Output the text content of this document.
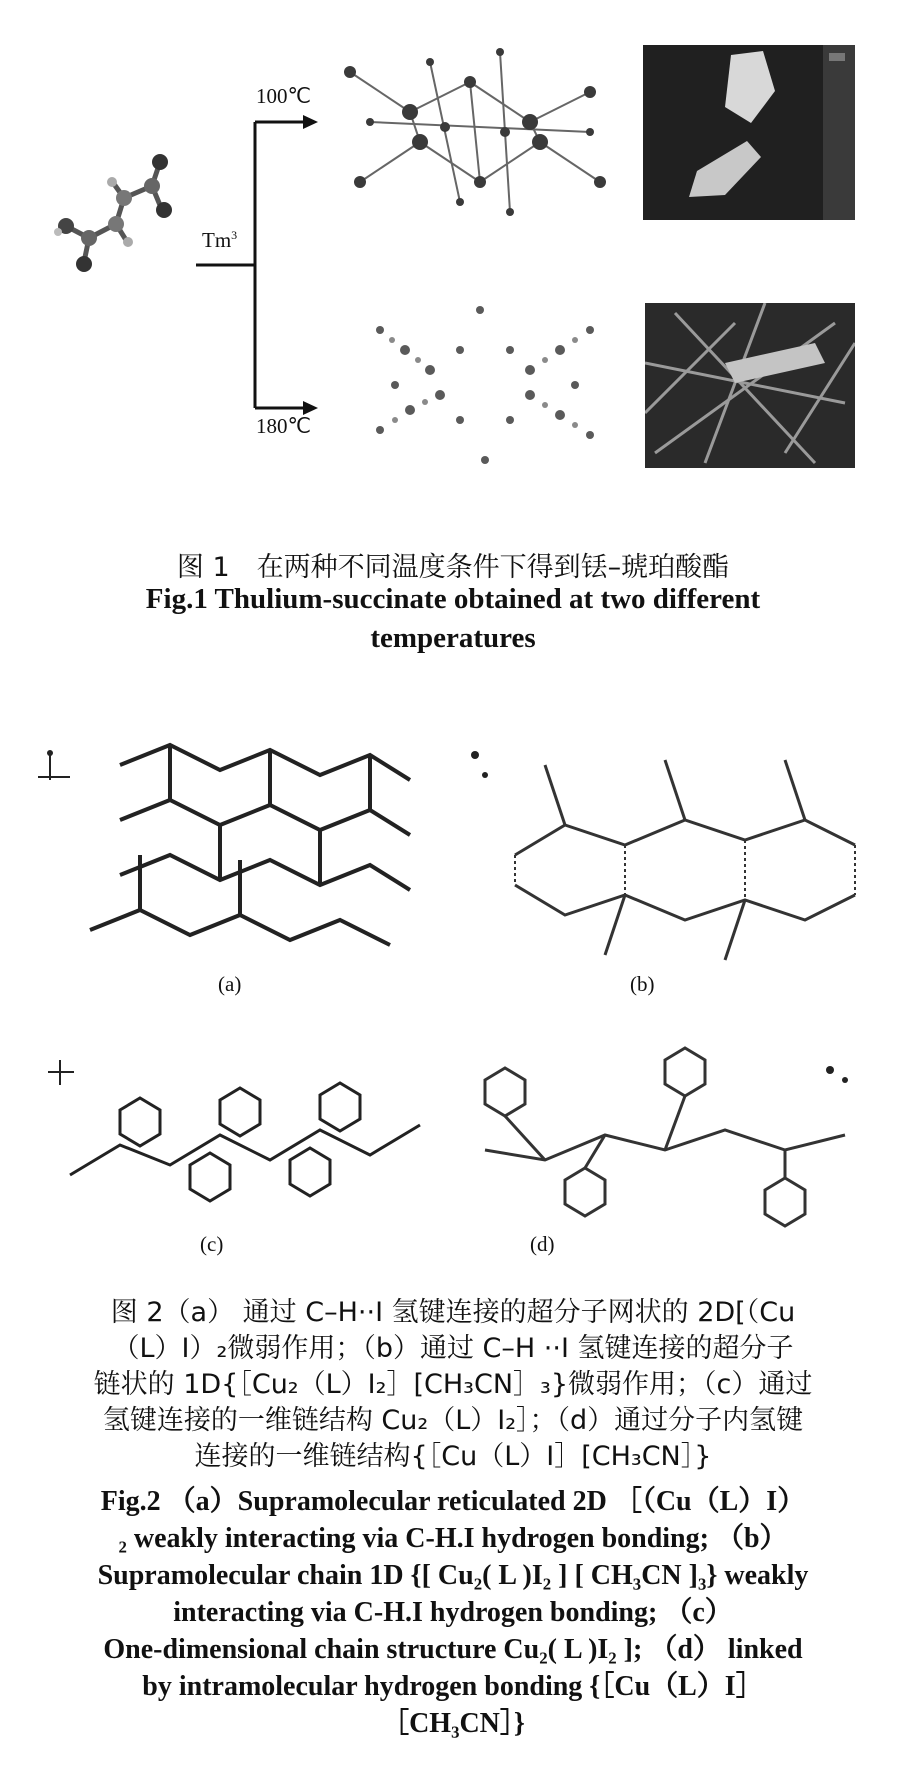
100℃
Tm$^3$
180℃
图 1　在两种不同温度条件下得到铥–琥珀酸酯
Fig.1 Thulium-succinate obtained at two different
temperatures
(a)	(b)
(c)	(d)
图 2（a） 通过 C–H··I 氢键连接的超分子网状的 2D[（Cu
（L）I）₂微弱作用；（b）通过 C–H ··I 氢键连接的超分子
链状的 1D{［Cu₂（L）I₂］[CH₃CN］₃}微弱作用；（c）通过
氢键连接的一维链结构 Cu₂（L）I₂］；（d）通过分子内氢键
连接的一维链结构{［Cu（L）I］[CH₃CN］}
Fig.2 （a）Supramolecular reticulated 2D ［（Cu（L）I）
₂ weakly interacting via C-H.I hydrogen bonding; （b）
Supramolecular chain 1D {[ Cu₂( L )I₂ ] [ CH₃CN ]₃} weakly
interacting via C-H.I hydrogen bonding; （c）
One-dimensional chain structure Cu₂( L )I₂ ]; （d） linked
by intramolecular hydrogen bonding {［Cu（L）I］
［CH₃CN］}
